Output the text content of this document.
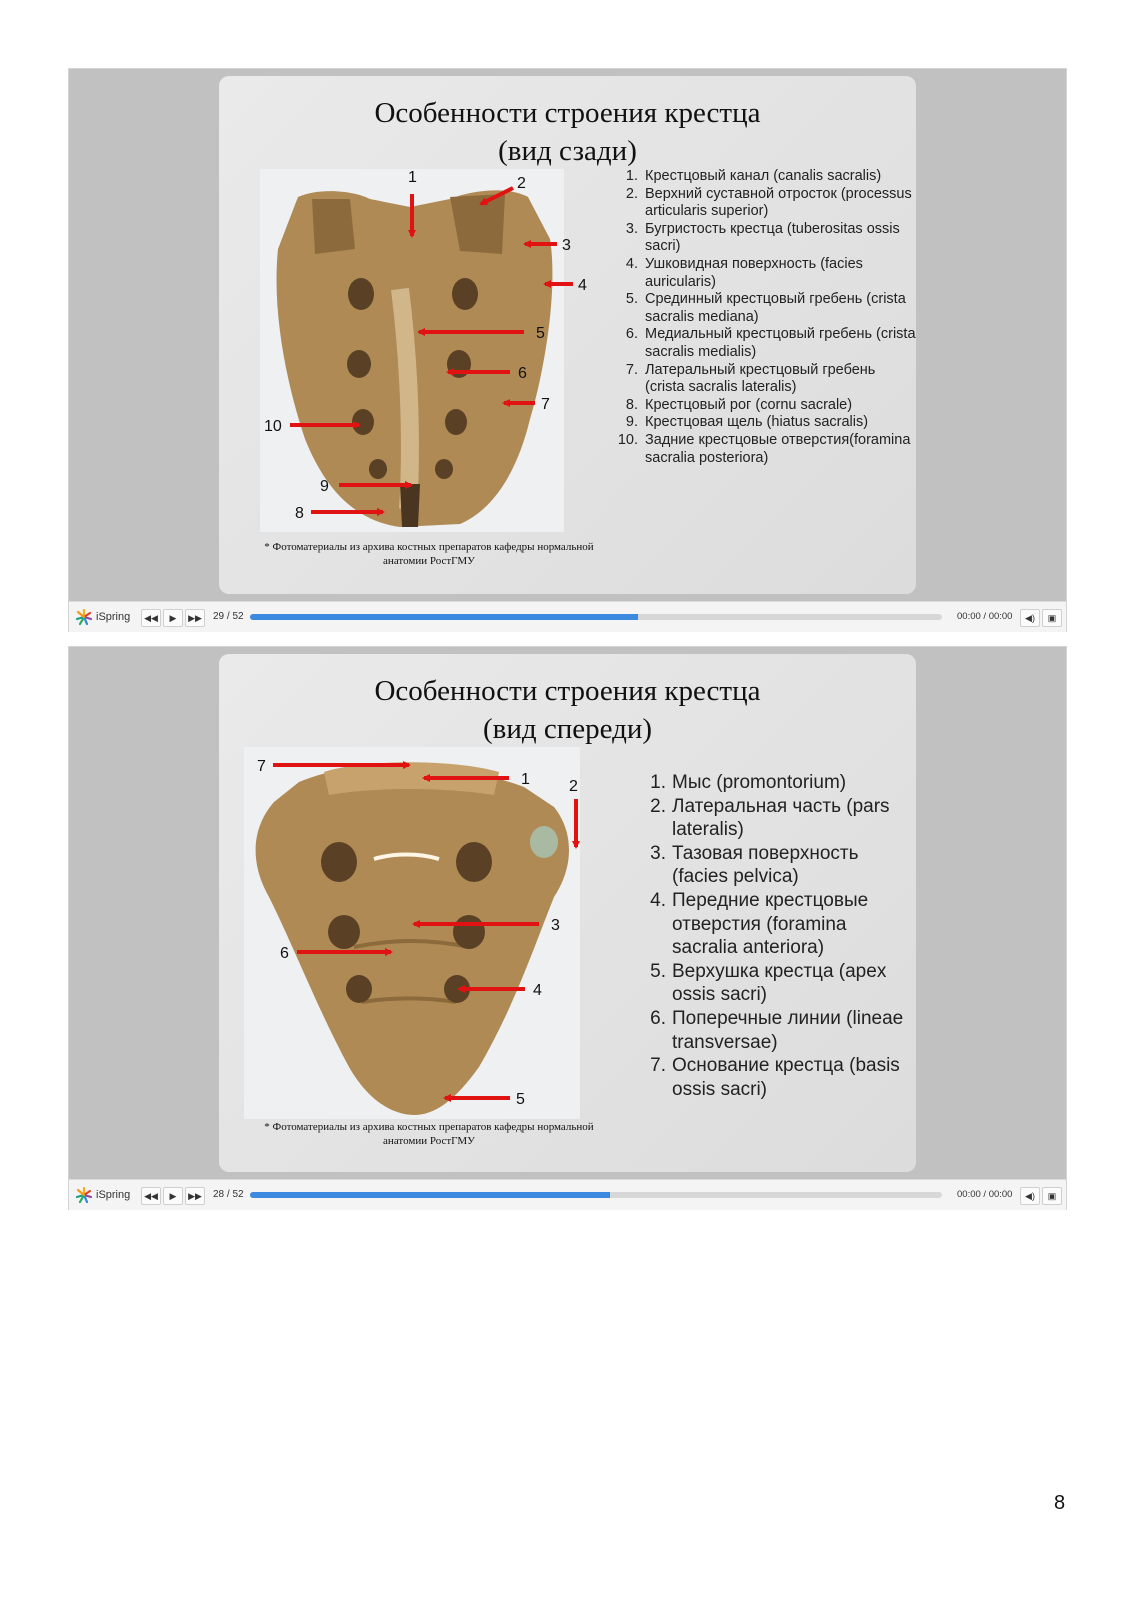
Особенности строения крестца
(вид сзади)
1	2
3
4
5
6
7
8
9
10
* Фотоматериалы из архива костных препаратов кафедры нормальной
анатомии РостГМУ
1. Крестцовый канал (canalis sacralis)
2. Верхний суставной отросток (processus articularis superior)
3. Бугристость крестца (tuberositas ossis sacri)
4. Ушковидная поверхность (facies auricularis)
5. Срединный крестцовый гребень (crista sacralis mediana)
6. Медиальный крестцовый гребень (crista sacralis medialis)
7. Латеральный крестцовый гребень (crista sacralis lateralis)
8. Крестцовый рог (cornu sacrale)
9. Крестцовая щель (hiatus sacralis)
10. Задние крестцовые отверстия(foramina sacralia posteriora)
iSpring ◀◀ ▶ ▶▶ 29 / 52	00:00 / 00:00 ◀) ▣
Особенности строения крестца
(вид спереди)
7
1 2
3
6
4
5
* Фотоматериалы из архива костных препаратов кафедры нормальной
анатомии РостГМУ
1. Мыс (promontorium)
2. Латеральная часть (pars lateralis)
3. Тазовая поверхность (facies pelvica)
4. Передние крестцовые отверстия (foramina sacralia anteriora)
5. Верхушка крестца (apex ossis sacri)
6. Поперечные линии (lineae transversae)
7. Основание крестца (basis ossis sacri)
iSpring ◀◀ ▶ ▶▶ 28 / 52	00:00 / 00:00 ◀) ▣
8
